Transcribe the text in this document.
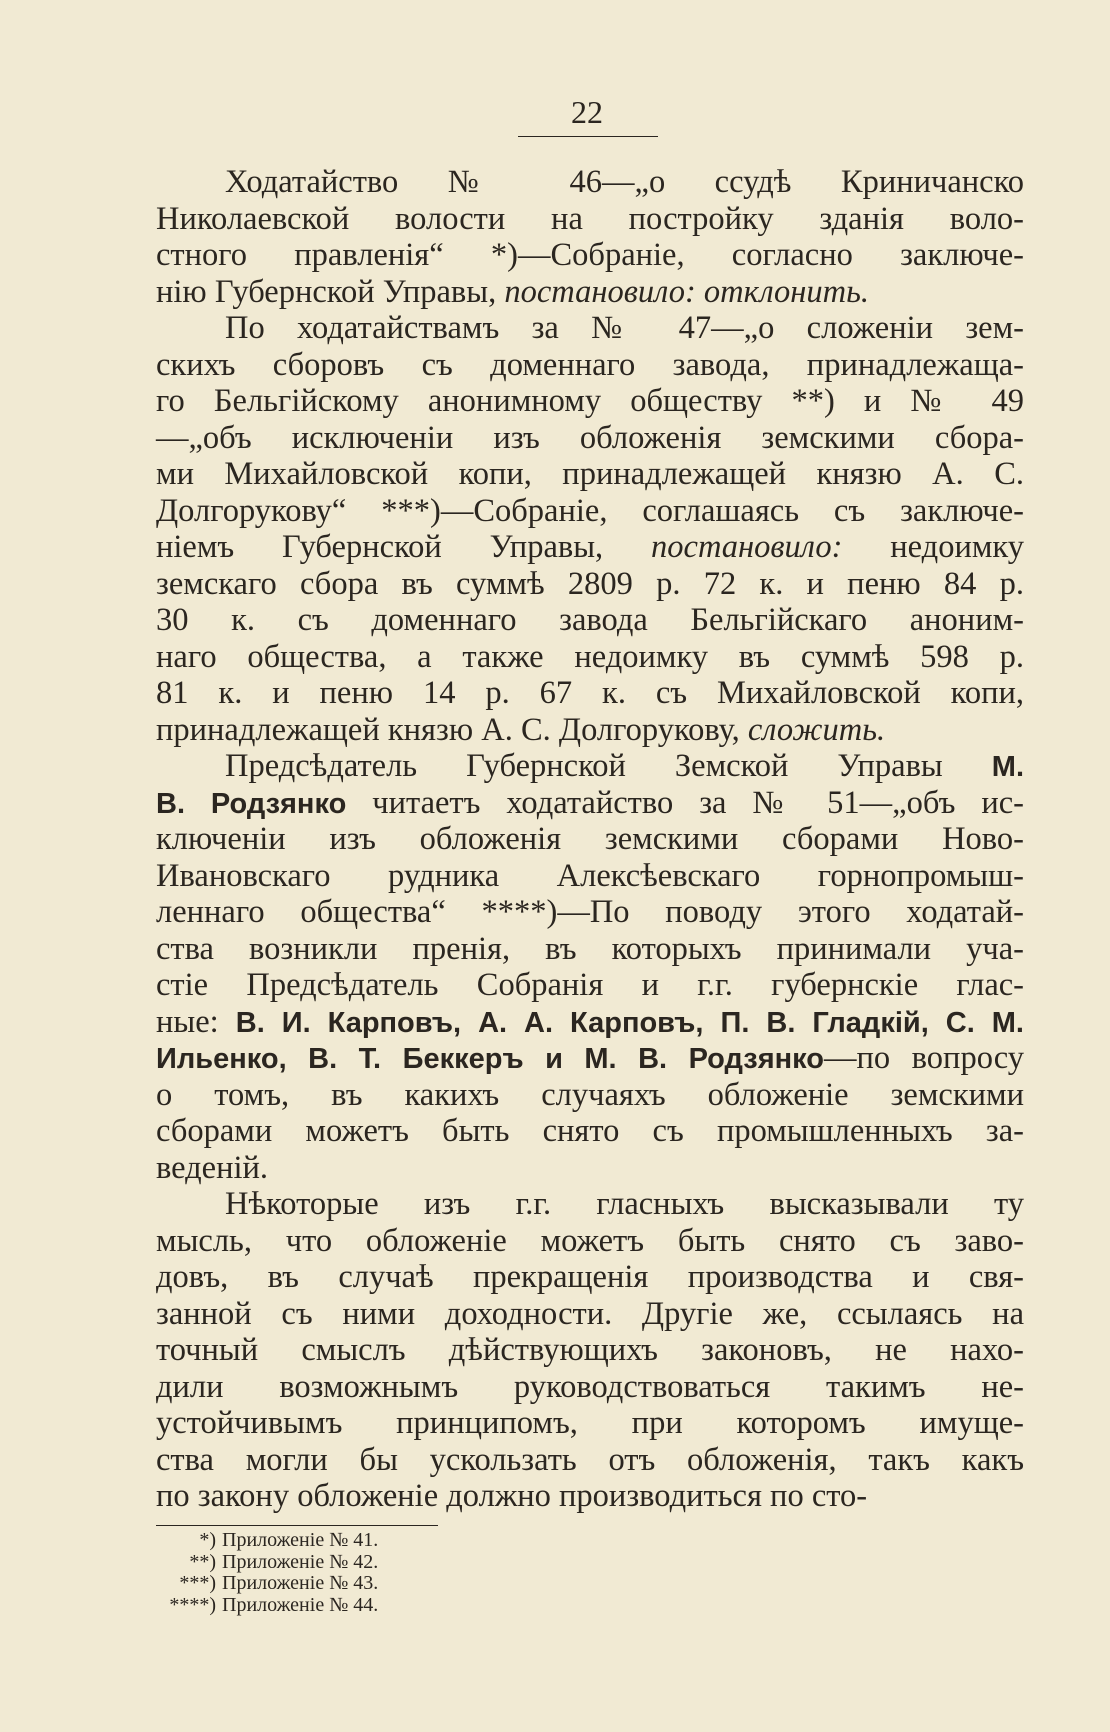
22
Ходатайство № 46—„о ссудѣ Криничанско
Николаевской волости на постройку зданія воло-
стного правленія“ *)—Собраніе, согласно заключе-
нію Губернской Управы, постановило: отклонить.
По ходатайствамъ за № 47—„о сложеніи зем-
скихъ сборовъ съ доменнаго завода, принадлежаща-
го Бельгійскому анонимному обществу **) и № 49
—„объ исключеніи изъ обложенія земскими сбора-
ми Михайловской копи, принадлежащей князю А. С.
Долгорукову“ ***)—Собраніе, соглашаясь съ заключе-
ніемъ Губернской Управы, постановило: недоимку
земскаго сбора въ суммѣ 2809 р. 72 к. и пеню 84 р.
30 к. съ доменнаго завода Бельгійскаго аноним-
наго общества, а также недоимку въ суммѣ 598 р.
81 к. и пеню 14 р. 67 к. съ Михайловской копи,
принадлежащей князю А. С. Долгорукову, сложить.
Предсѣдатель Губернской Земской Управы М.
В. Родзянко читаетъ ходатайство за № 51—„объ ис-
ключеніи изъ обложенія земскими сборами Ново-
Ивановскаго рудника Алексѣевскаго горнопромыш-
леннаго общества“ ****)—По поводу этого ходатай-
ства возникли пренія, въ которыхъ принимали уча-
стіе Предсѣдатель Собранія и г.г. губернскіе глас-
ные: В. И. Карповъ, А. А. Карповъ, П. В. Гладкій, С. М.
Ильенко, В. Т. Беккеръ и М. В. Родзянко—по вопросу
о томъ, въ какихъ случаяхъ обложеніе земскими
сборами можетъ быть снято съ промышленныхъ за-
веденій.
Нѣкоторые изъ г.г. гласныхъ высказывали ту
мысль, что обложеніе можетъ быть снято съ заво-
довъ, въ случаѣ прекращенія производства и свя-
занной съ ними доходности. Другіе же, ссылаясь на
точный смыслъ дѣйствующихъ законовъ, не нахо-
дили возможнымъ руководствоваться такимъ не-
устойчивымъ принципомъ, при которомъ имуще-
ства могли бы ускользать отъ обложенія, такъ какъ
по закону обложеніе должно производиться по сто-
*) Приложеніе № 41.
**) Приложеніе № 42.
***) Приложеніе № 43.
****) Приложеніе № 44.
